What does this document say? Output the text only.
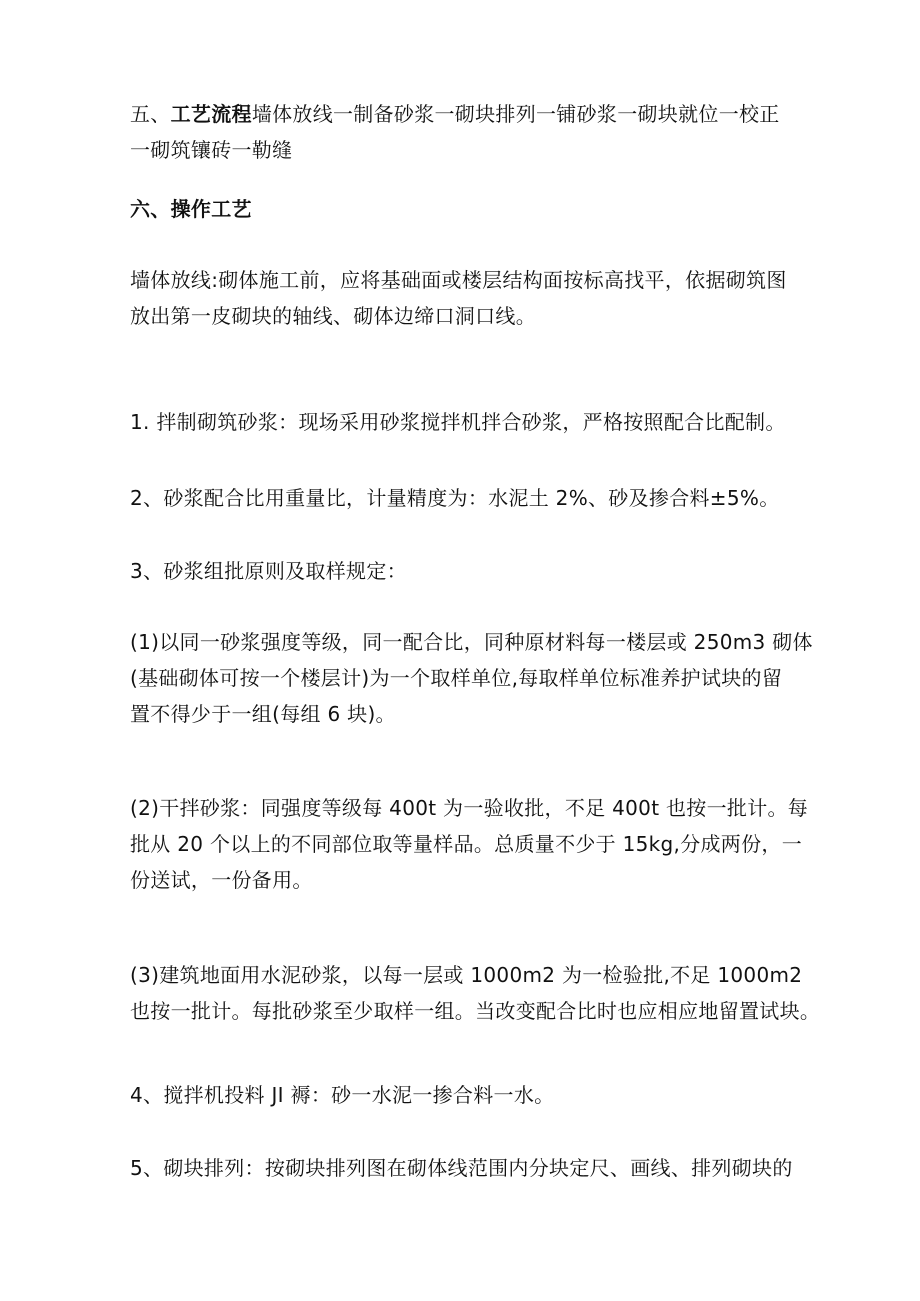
五、工艺流程墙体放线一制备砂浆一砌块排列一铺砂浆一砌块就位一校正
一砌筑镶砖一勒缝

六、操作工艺

墙体放线:砌体施工前，应将基础面或楼层结构面按标高找平，依据砌筑图
放出第一皮砌块的轴线、砌体边缔口洞口线。

1. 拌制砌筑砂浆：现场采用砂浆搅拌机拌合砂浆，严格按照配合比配制。

2、砂浆配合比用重量比，计量精度为：水泥土 2%、砂及掺合料±5%。

3、砂浆组批原则及取样规定：

(1)以同一砂浆强度等级，同一配合比，同种原材料每一楼层或 250m3 砌体
(基础砌体可按一个楼层计)为一个取样单位,每取样单位标准养护试块的留
置不得少于一组(每组 6 块)。

(2)干拌砂浆：同强度等级每 400t 为一验收批，不足 400t 也按一批计。每
批从 20 个以上的不同部位取等量样品。总质量不少于 15kg,分成两份，一
份送试，一份备用。

(3)建筑地面用水泥砂浆，以每一层或 1000m2 为一检验批,不足 1000m2
也按一批计。每批砂浆至少取样一组。当改变配合比时也应相应地留置试块。

4、搅拌机投料 JI 褥：砂一水泥一掺合料一水。

5、砌块排列：按砌块排列图在砌体线范围内分块定尺、画线、排列砌块的
